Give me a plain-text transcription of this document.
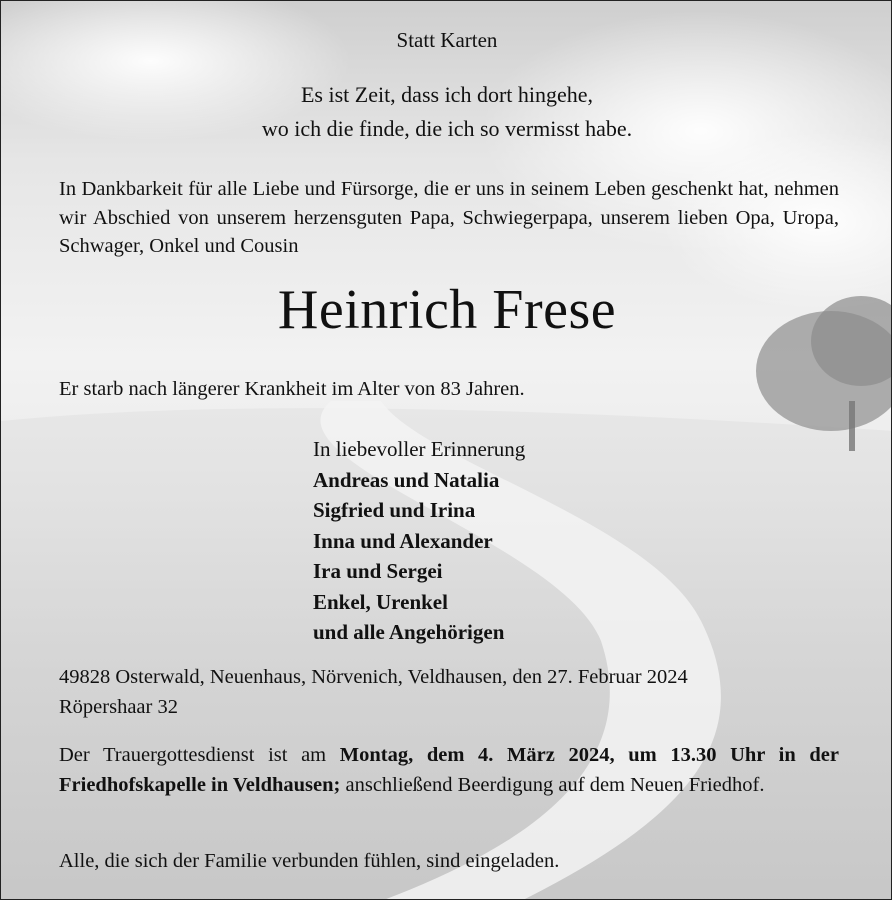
Statt Karten
Es ist Zeit, dass ich dort hingehe,
wo ich die finde, die ich so vermisst habe.
In Dankbarkeit für alle Liebe und Fürsorge, die er uns in seinem Leben geschenkt hat, nehmen wir Abschied von unserem herzensguten Papa, Schwiegerpapa, unserem lieben Opa, Uropa, Schwager, Onkel und Cousin
Heinrich Frese
Er starb nach längerer Krankheit im Alter von 83 Jahren.
In liebevoller Erinnerung
Andreas und Natalia
Sigfried und Irina
Inna und Alexander
Ira und Sergei
Enkel, Urenkel
und alle Angehörigen
49828 Osterwald, Neuenhaus, Nörvenich, Veldhausen, den 27. Februar 2024
Röpershaar 32
Der Trauergottesdienst ist am Montag, dem 4. März 2024, um 13.30 Uhr in der Friedhofskapelle in Veldhausen; anschließend Beerdigung auf dem Neuen Friedhof.
Alle, die sich der Familie verbunden fühlen, sind eingeladen.
